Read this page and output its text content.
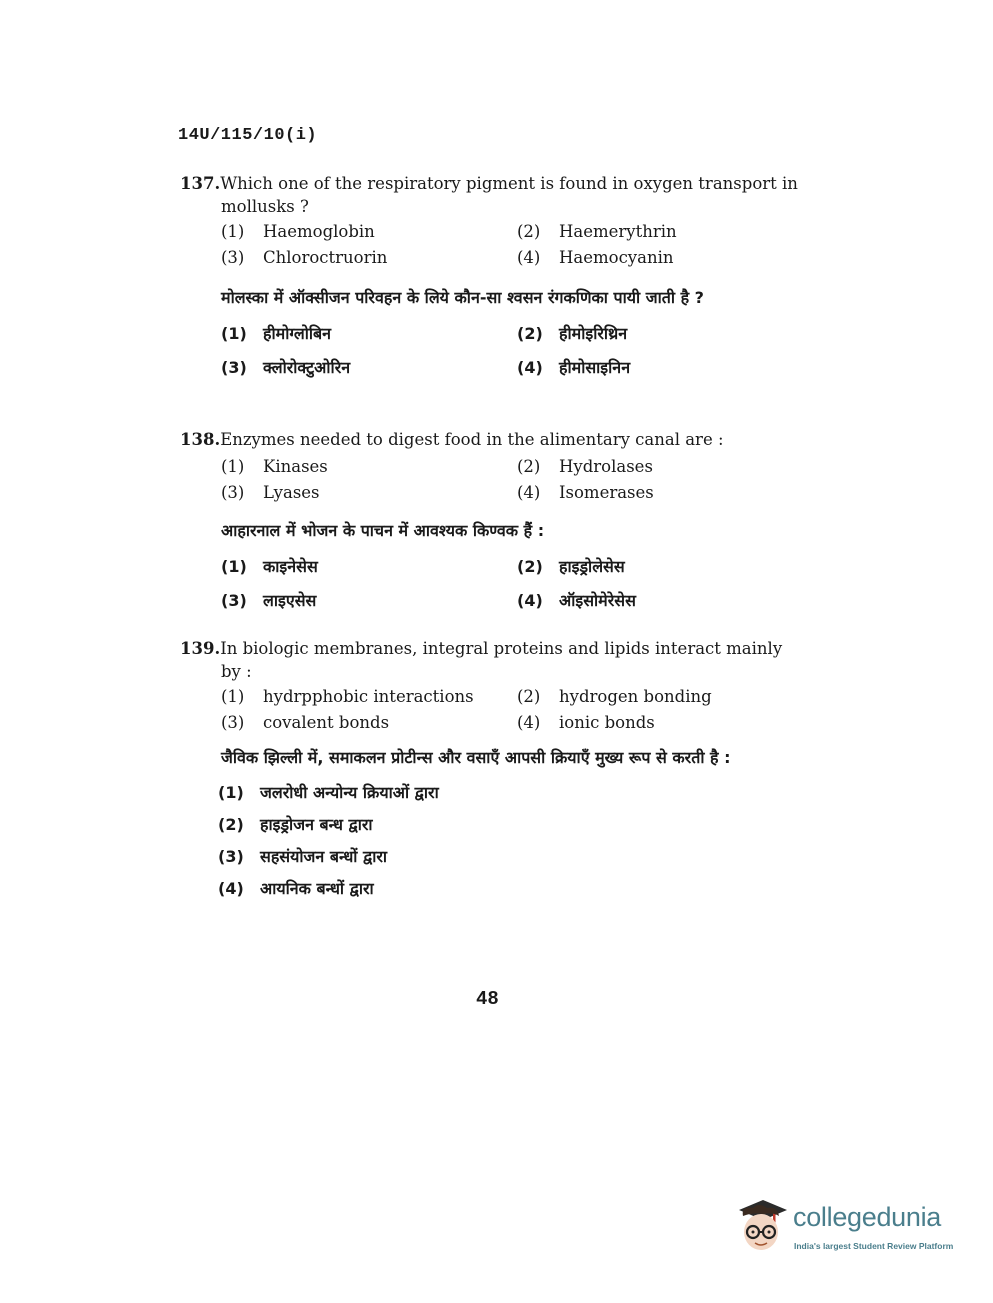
14U/115/10(i)
137.Which one of the respiratory pigment is found in oxygen transport in
mollusks ?
(1)	Haemoglobin	(2)	Haemerythrin
(3)	Chloroctruorin	(4)	Haemocyanin
मोलस्का में ऑक्सीजन परिवहन के लिये कौन-सा श्वसन रंगकणिका पायी जाती है ?
(1)	हीमोग्लोबिन	(2)	हीमोइरिथ्रिन
(3)	क्लोरोक्टुओरिन	(4)	हीमोसाइनिन
138.Enzymes needed to digest food in the alimentary canal are :
(1)	Kinases	(2)	Hydrolases
(3)	Lyases	(4)	Isomerases
आहारनाल में भोजन के पाचन में आवश्यक किण्वक हैं :
(1)	काइनेसेस	(2)	हाइड्रोलेसेस
(3)	लाइएसेस	(4)	ऑइसोमेरेसेस
139.In biologic membranes, integral proteins and lipids interact mainly
by :
(1)	hydrpphobic interactions	(2)	hydrogen bonding
(3)	covalent bonds	(4)	ionic bonds
जैविक झिल्ली में, समाकलन प्रोटीन्स और वसाएँ आपसी क्रियाएँ मुख्य रूप से करती है :
(1)	जलरोधी अन्योन्य क्रियाओं द्वारा
(2)	हाइड्रोजन बन्ध द्वारा
(3)	सहसंयोजन बन्धों द्वारा
(4)	आयनिक बन्धों द्वारा
48
collegedunia
India's largest Student Review Platform
